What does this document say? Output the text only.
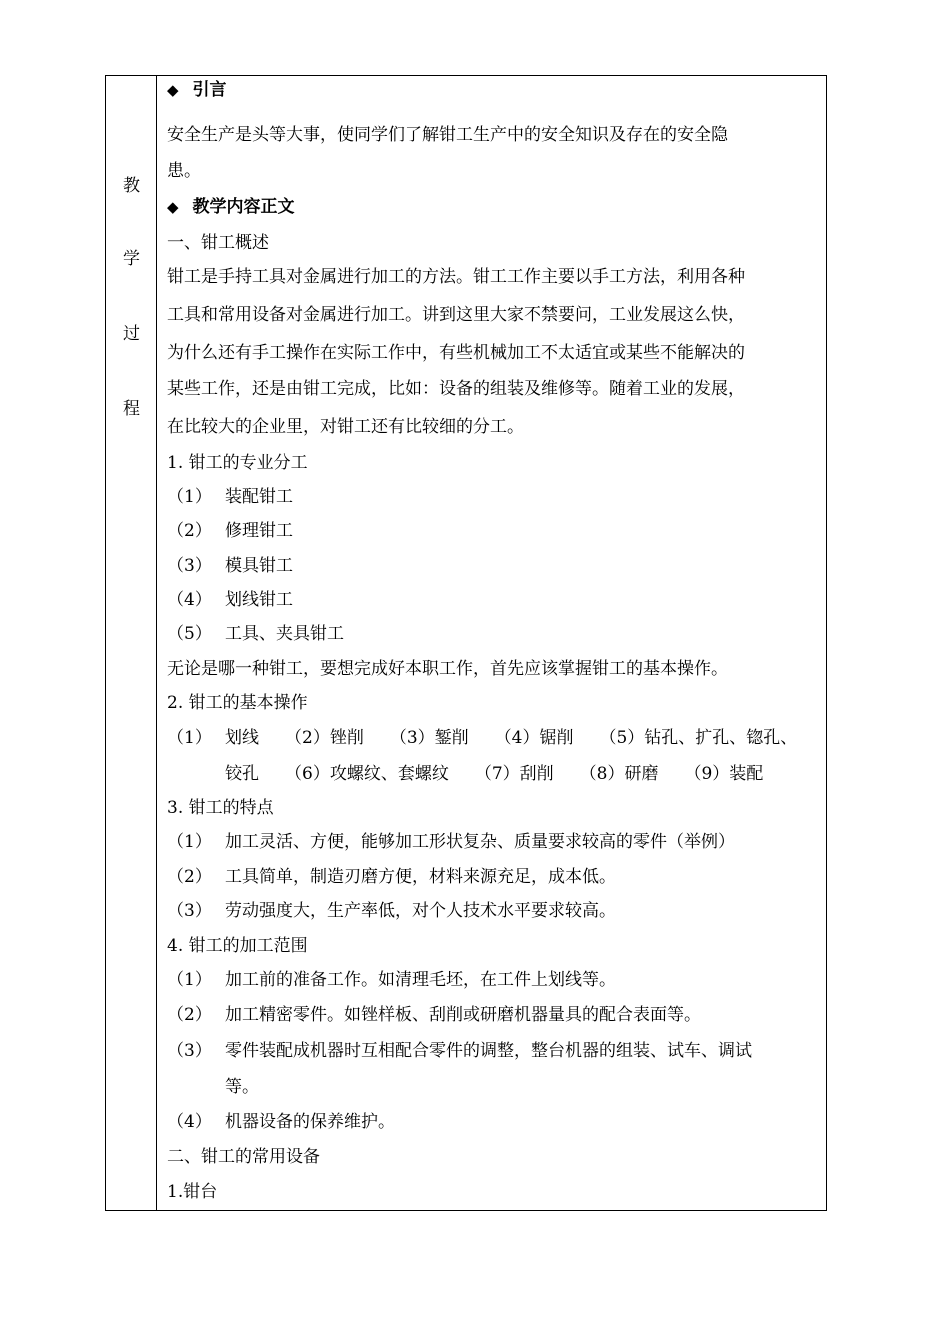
教
学
过
程
◆ 引言
安全生产是头等大事，使同学们了解钳工生产中的安全知识及存在的安全隐
患。
◆ 教学内容正文
一、钳工概述
钳工是手持工具对金属进行加工的方法。钳工工作主要以手工方法，利用各种
工具和常用设备对金属进行加工。讲到这里大家不禁要问，工业发展这么快，
为什么还有手工操作在实际工作中，有些机械加工不太适宜或某些不能解决的
某些工作，还是由钳工完成，比如：设备的组装及维修等。随着工业的发展，
在比较大的企业里，对钳工还有比较细的分工。
1. 钳工的专业分工
（1） 装配钳工
（2） 修理钳工
（3） 模具钳工
（4） 划线钳工
（5） 工具、夹具钳工
无论是哪一种钳工，要想完成好本职工作，首先应该掌握钳工的基本操作。
2. 钳工的基本操作
（1） 划线 （2）锉削 （3）錾削 （4）锯削 （5）钻孔、扩孔、锪孔、
铰孔 （6）攻螺纹、套螺纹 （7）刮削 （8）研磨 （9）装配
3. 钳工的特点
（1） 加工灵活、方便，能够加工形状复杂、质量要求较高的零件（举例）
（2） 工具简单，制造刃磨方便，材料来源充足，成本低。
（3） 劳动强度大，生产率低，对个人技术水平要求较高。
4. 钳工的加工范围
（1） 加工前的准备工作。如清理毛坯，在工件上划线等。
（2） 加工精密零件。如锉样板、刮削或研磨机器量具的配合表面等。
（3） 零件装配成机器时互相配合零件的调整，整台机器的组装、试车、调试
等。
（4） 机器设备的保养维护。
二、钳工的常用设备
1.钳台
